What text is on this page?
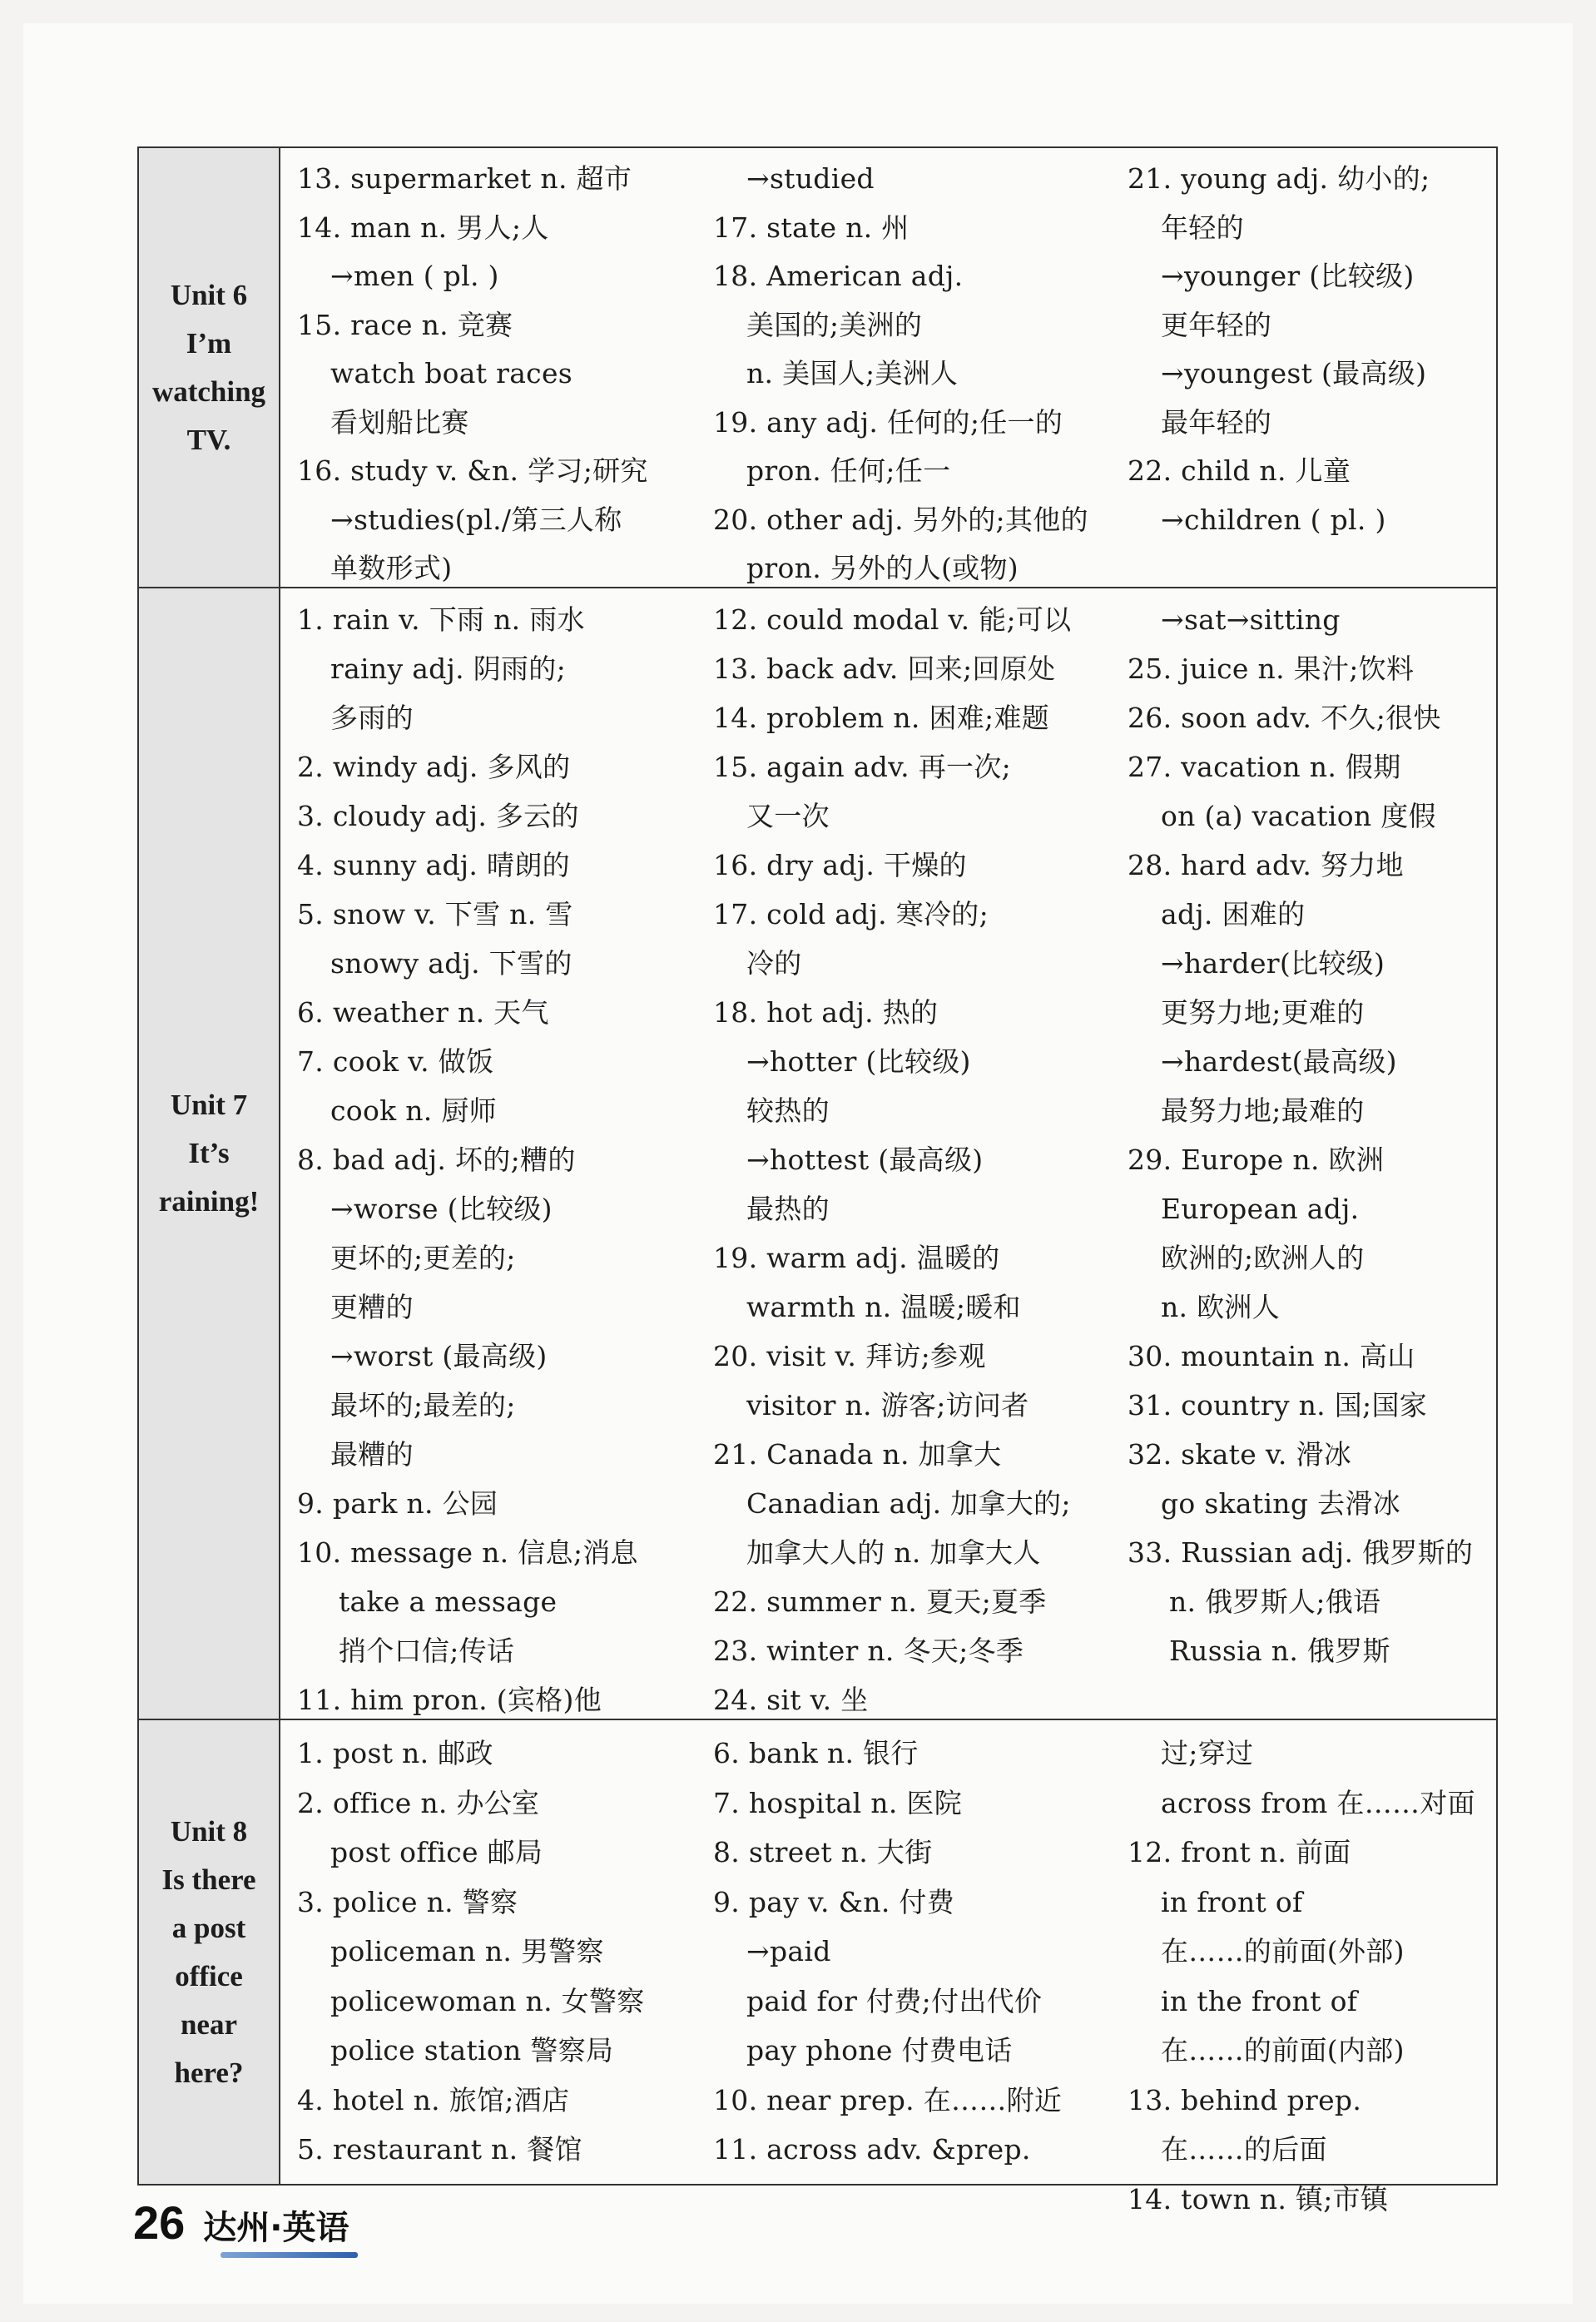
Unit 6
I’m
watching
TV.
13. supermarket n. 超市
14. man n. 男人;人
→men ( pl. )
15. race n. 竞赛
watch boat races
看划船比赛
16. study v. &n. 学习;研究
→studies(pl./第三人称
单数形式)
→studied
17. state n. 州
18. American adj.
美国的;美洲的
n. 美国人;美洲人
19. any adj. 任何的;任一的
pron. 任何;任一
20. other adj. 另外的;其他的
pron. 另外的人(或物)
21. young adj. 幼小的;
年轻的
→younger (比较级)
更年轻的
→youngest (最高级)
最年轻的
22. child n. 儿童
→children ( pl. )
Unit 7
It’s
raining!
1. rain v. 下雨 n. 雨水
rainy adj. 阴雨的;
多雨的
2. windy adj. 多风的
3. cloudy adj. 多云的
4. sunny adj. 晴朗的
5. snow v. 下雪 n. 雪
snowy adj. 下雪的
6. weather n. 天气
7. cook v. 做饭
cook n. 厨师
8. bad adj. 坏的;糟的
→worse (比较级)
更坏的;更差的;
更糟的
→worst (最高级)
最坏的;最差的;
最糟的
9. park n. 公园
10. message n. 信息;消息
take a message
捎个口信;传话
11. him pron. (宾格)他
12. could modal v. 能;可以
13. back adv. 回来;回原处
14. problem n. 困难;难题
15. again adv. 再一次;
又一次
16. dry adj. 干燥的
17. cold adj. 寒冷的;
冷的
18. hot adj. 热的
→hotter (比较级)
较热的
→hottest (最高级)
最热的
19. warm adj. 温暖的
warmth n. 温暖;暖和
20. visit v. 拜访;参观
visitor n. 游客;访问者
21. Canada n. 加拿大
Canadian adj. 加拿大的;
加拿大人的 n. 加拿大人
22. summer n. 夏天;夏季
23. winter n. 冬天;冬季
24. sit v. 坐
→sat→sitting
25. juice n. 果汁;饮料
26. soon adv. 不久;很快
27. vacation n. 假期
on (a) vacation 度假
28. hard adv. 努力地
adj. 困难的
→harder(比较级)
更努力地;更难的
→hardest(最高级)
最努力地;最难的
29. Europe n. 欧洲
European adj.
欧洲的;欧洲人的
n. 欧洲人
30. mountain n. 高山
31. country n. 国;国家
32. skate v. 滑冰
go skating 去滑冰
33. Russian adj. 俄罗斯的
n. 俄罗斯人;俄语
Russia n. 俄罗斯
Unit 8
Is there
a post
office
near
here?
1. post n. 邮政
2. office n. 办公室
post office 邮局
3. police n. 警察
policeman n. 男警察
policewoman n. 女警察
police station 警察局
4. hotel n. 旅馆;酒店
5. restaurant n. 餐馆
6. bank n. 银行
7. hospital n. 医院
8. street n. 大街
9. pay v. &n. 付费
→paid
paid for 付费;付出代价
pay phone 付费电话
10. near prep. 在……附近
11. across adv. &prep.
过;穿过
across from 在……对面
12. front n. 前面
in front of
在……的前面(外部)
in the front of
在……的前面(内部)
13. behind prep.
在……的后面
14. town n. 镇;市镇
26 达州·英语
